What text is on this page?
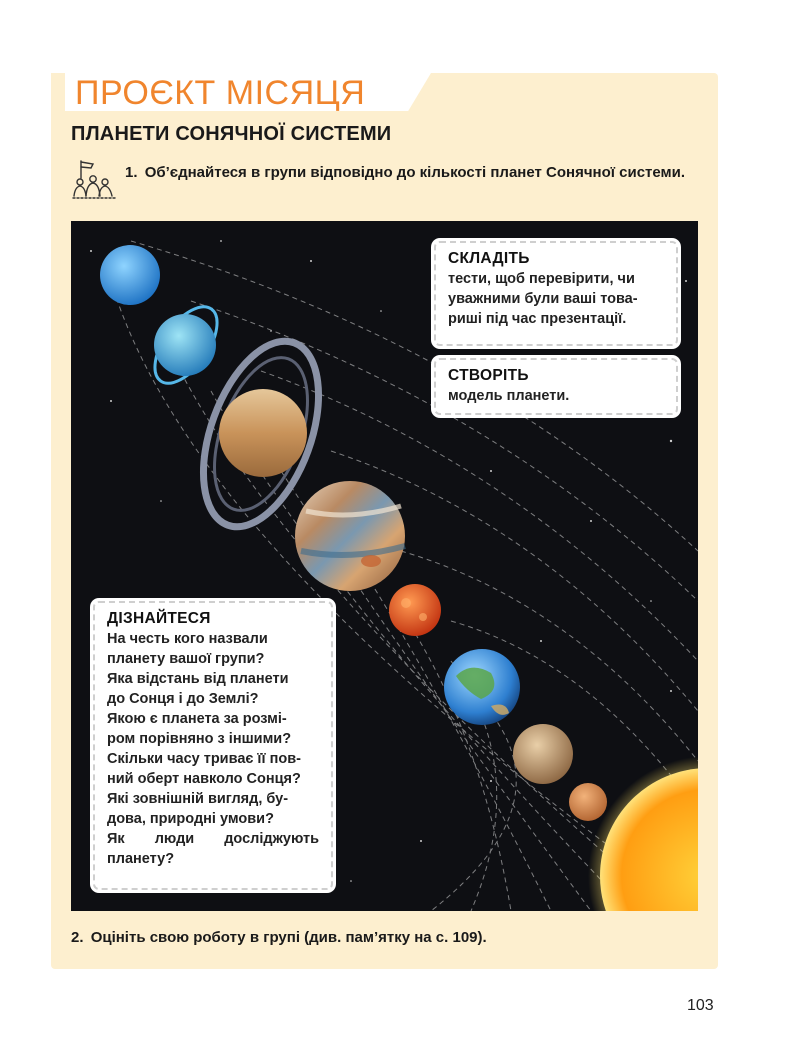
ПРОЄКТ МІСЯЦЯ
ПЛАНЕТИ СОНЯЧНОЇ СИСТЕМИ
1. Об’єднайтеся в групи відповідно до кількості планет Сонячної системи.
СКЛАДІТЬ

тести, щоб перевірити, чи

уважними були ваші това-

риші під час презентації.

СТВОРІТЬ

модель планети.

ДІЗНАЙТЕСЯ

На честь кого назвали

планету вашої групи?

Яка відстань від планети

до Сонця і до Землі?

Якою є планета за розмі-

ром порівняно з іншими?

Скільки часу триває її пов-

ний оберт навколо Сонця?

Які зовнішній вигляд, бу-

дова, природні умови?

Як люди досліджують

планету?

2. Оцініть свою роботу в групі (див. пам’ятку на с. 109).
103
